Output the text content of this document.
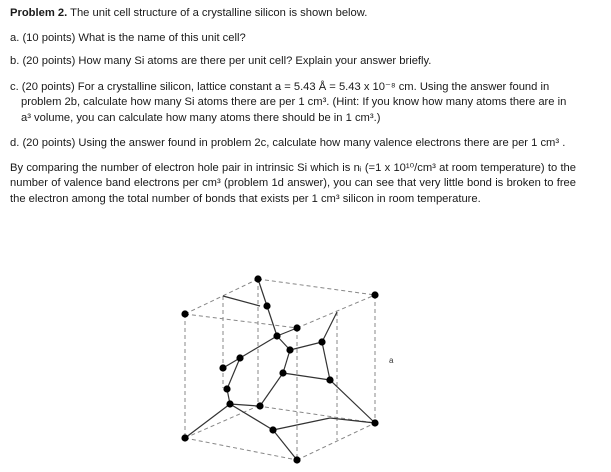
Problem 2. The unit cell structure of a crystalline silicon is shown below.

a. (10 points) What is the name of this unit cell?

b. (20 points) How many Si atoms are there per unit cell? Explain your answer briefly.

c. (20 points) For a crystalline silicon, lattice constant a = 5.43 Å = 5.43 x 10⁻⁸ cm. Using the answer found in problem 2b, calculate how many Si atoms there are per 1 cm³. (Hint: If you know how many atoms there are in a³ volume, you can calculate how many atoms there should be in 1 cm³.)

d. (20 points) Using the answer found in problem 2c, calculate how many valence electrons there are per 1 cm³ .

By comparing the number of electron hole pair in intrinsic Si which is nᵢ (=1 x 10¹⁰/cm³ at room temperature) to the number of valence band electrons per cm³ (problem 1d answer), you can see that very little bond is broken to free the electron among the total number of bonds that exists per 1 cm³ silicon in room temperature.

a
